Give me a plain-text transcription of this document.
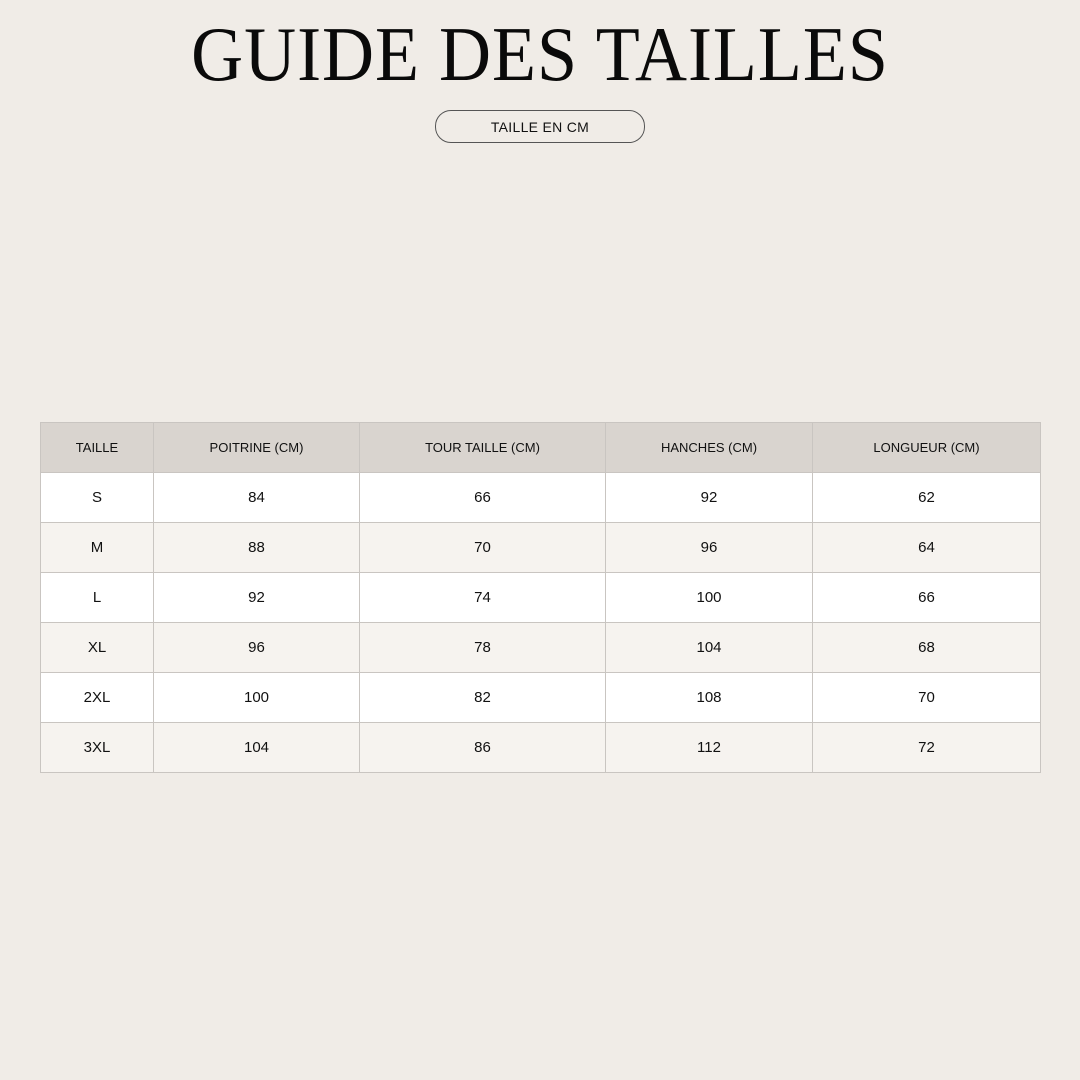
GUIDE DES TAILLES
TAILLE EN CM
TAILLE	POITRINE (CM)	TOUR TAILLE (CM)	HANCHES (CM)	LONGUEUR (CM)
S	84	66	92	62
M	88	70	96	64
L	92	74	100	66
XL	96	78	104	68
2XL	100	82	108	70
3XL	104	86	112	72
